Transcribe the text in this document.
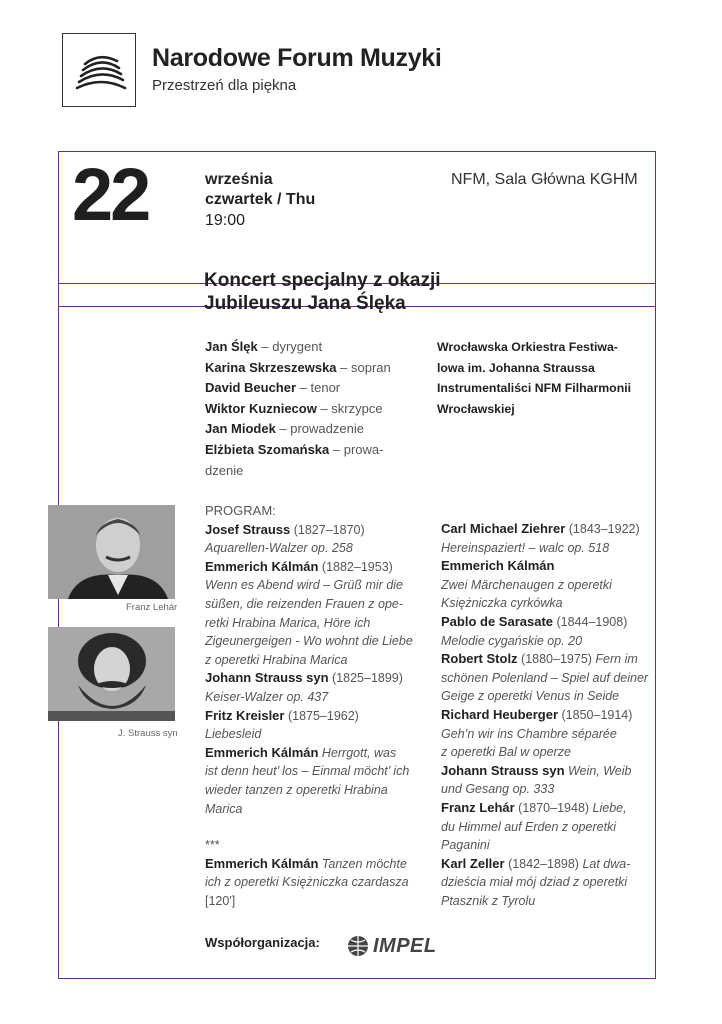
Narodowe Forum Muzyki
Przestrzeń dla piękna
22	września
czwartek / Thu
19:00
NFM, Sala Główna KGHM
Koncert specjalny z okazji
Jubileuszu Jana Ślęka
Jan Ślęk – dyrygent
Karina Skrzeszewska – sopran
David Beucher – tenor
Wiktor Kuzniecow – skrzypce
Jan Miodek – prowadzenie
Elżbieta Szomańska – prowa-
dzenie
Wrocławska Orkiestra Festiwa-
lowa im. Johanna Straussa
Instrumentaliści NFM Filharmonii
Wrocławskiej
Franz Lehár
J. Strauss syn
PROGRAM:
Josef Strauss (1827–1870)
Aquarellen-Walzer op. 258
Emmerich Kálmán (1882–1953)
Wenn es Abend wird – Grüß mir die
süßen, die reizenden Frauen z ope-
retki Hrabina Marica, Höre ich
Zigeunergeigen - Wo wohnt die Liebe
z operetki Hrabina Marica
Johann Strauss syn (1825–1899)
Keiser-Walzer op. 437
Fritz Kreisler (1875–1962)
Liebesleid
Emmerich Kálmán Herrgott, was
ist denn heut’ los – Einmal möcht’ ich
wieder tanzen z operetki Hrabina
Marica
***
Emmerich Kálmán Tanzen möchte
ich z operetki Księżniczka czardasza
[120']
Carl Michael Ziehrer (1843–1922)
Hereinspaziert! – walc op. 518
Emmerich Kálmán
Zwei Märchenaugen z operetki
Księżniczka cyrkówka
Pablo de Sarasate (1844–1908)
Melodie cygańskie op. 20
Robert Stolz (1880–1975) Fern im
schönen Polenland – Spiel auf deiner
Geige z operetki Venus in Seide
Richard Heuberger (1850–1914)
Geh’n wir ins Chambre séparée
z operetki Bal w operze
Johann Strauss syn Wein, Weib
und Gesang op. 333
Franz Lehár (1870–1948) Liebe,
du Himmel auf Erden z operetki
Paganini
Karl Zeller (1842–1898) Lat dwa-
dzieścia miał mój dziad z operetki
Ptasznik z Tyrolu
Współorganizacja:	IMPEL
